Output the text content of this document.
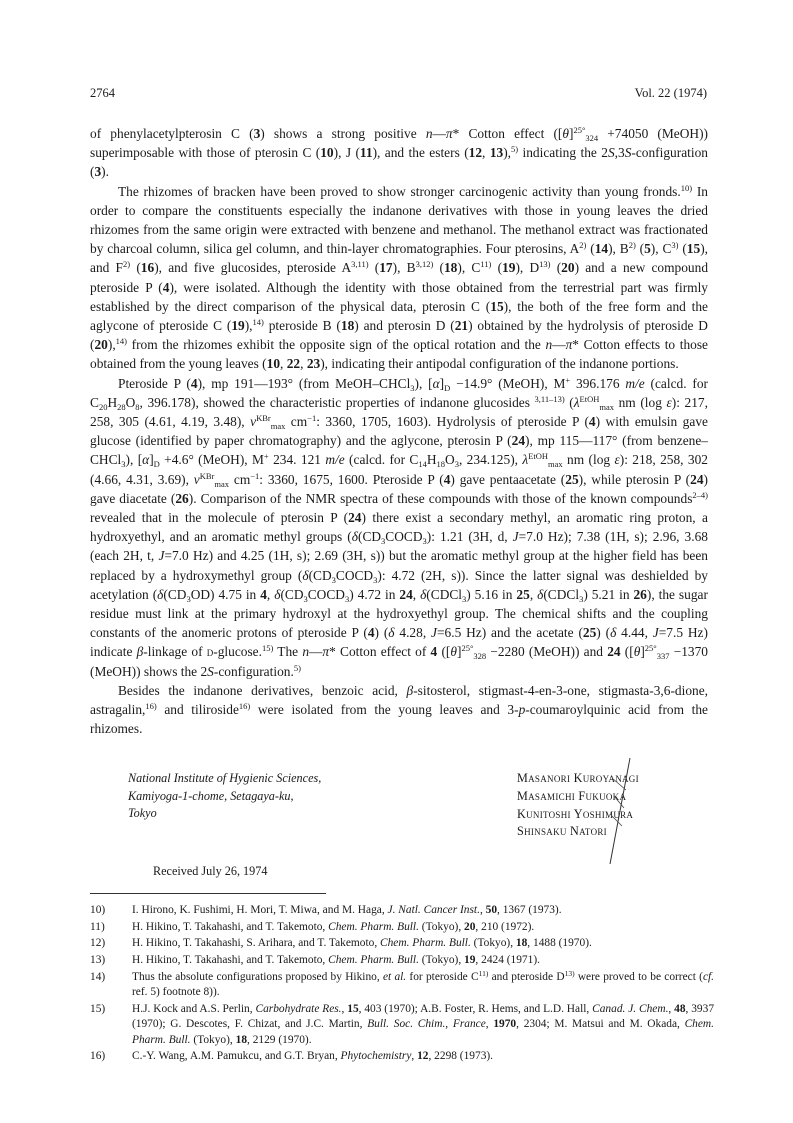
2764	Vol. 22 (1974)

of phenylacetylpterosin C (3) shows a strong positive n—π* Cotton effect ($[\theta]^{25^\circ}_{324} +74050$ (MeOH)) superimposable with those of pterosin C (10), J (11), and the esters (12, 13),$^{5)}$ indicating the 2S,3S-configuration (3).

The rhizomes of bracken have been proved to show stronger carcinogenic activity than young fronds.$^{10)}$ In order to compare the constituents especially the indanone derivatives with those in young leaves the dried rhizomes from the same origin were extracted with benzene and methanol. The methanol extract was fractionated by charcoal column, silica gel column, and thin-layer chromatographies. Four pterosins, $A^{2)}$ (14), $B^{2)}$ (5), $C^{3)}$ (15), and $F^{2)}$ (16), and five glucosides, pteroside A$^{3,11)}$ (17), B$^{3,12)}$ (18), $C^{11)}$ (19), $D^{13)}$ (20) and a new compound pteroside P (4), were isolated. Although the identity with those obtained from the terrestrial part was firmly established by the direct comparison of the physical data, pterosin C (15), the both of the free form and the aglycone of pteroside C (19),$^{14)}$ pteroside B (18) and pterosin D (21) obtained by the hydrolysis of pteroside D (20),$^{14)}$ from the rhizomes exhibit the opposite sign of the optical rotation and the n—π* Cotton effects to those obtained from the young leaves (10, 22, 23), indicating their antipodal configuration of the indanone portions.

Pteroside P (4), mp 191—193° (from MeOH–CHCl$_3$), $[\alpha]_D -14.9^\circ$ (MeOH), M+ 396.176 m/e (calcd. for $C_{20}H_{28}O_8$, 396.178), showed the characteristic properties of indanone glucosides $^{3,11-13)}$ ($\lambda^{EtOH}_{max}$ nm (log ε): 217, 258, 305 (4.61, 4.19, 3.48), $\nu^{KBr}_{max}$ $cm^{-1}$: 3360, 1705, 1603). Hydrolysis of pteroside P (4) with emulsin gave glucose (identified by paper chromatography) and the aglycone, pterosin P (24), mp 115—117° (from benzene–CHCl$_3$), $[\alpha]_D +4.6^\circ$ (MeOH), M+ 234. 121 m/e (calcd. for $C_{14}H_{18}O_3$, 234.125), $\lambda^{EtOH}_{max}$ nm (log ε): 218, 258, 302 (4.66, 4.31, 3.69), $\nu^{KBr}_{max}$ $cm^{-1}$: 3360, 1675, 1600. Pteroside P (4) gave pentaacetate (25), while pterosin P (24) gave diacetate (26). Comparison of the NMR spectra of these compounds with those of the known compounds$^{2-4)}$ revealed that in the molecule of pterosin P (24) there exist a secondary methyl, an aromatic ring proton, a hydroxyethyl, and an aromatic methyl groups ($\delta(CD_3COCD_3)$: 1.21 (3H, d, J=7.0 Hz); 7.38 (1H, s); 2.96, 3.68 (each 2H, t, J=7.0 Hz) and 4.25 (1H, s); 2.69 (3H, s)) but the aromatic methyl group at the higher field has been replaced by a hydroxymethyl group ($\delta(CD_3COCD_3)$: 4.72 (2H, s)). Since the latter signal was deshielded by acetylation ($\delta(CD_3OD)$ 4.75 in 4, $\delta(CD_3COCD_3)$ 4.72 in 24, δ(CDCl$_3$) 5.16 in 25, δ(CDCl$_3$) 5.21 in 26), the sugar residue must link at the primary hydroxyl at the hydroxyethyl group. The chemical shifts and the coupling constants of the anomeric protons of pteroside P (4) (δ 4.28, J=6.5 Hz) and the acetate (25) (δ 4.44, J=7.5 Hz) indicate β-linkage of d-glucose.$^{15)}$ The n—π* Cotton effect of 4 ($[\theta]^{25^\circ}_{328} -2280$ (MeOH)) and 24 ($[\theta]^{25^\circ}_{337} -1370$ (MeOH)) shows the 2S-configuration.$^{5)}$

Besides the indanone derivatives, benzoic acid, β-sitosterol, stigmast-4-en-3-one, stigmasta-3,6-dione, astragalin,$^{16)}$ and tiliroside$^{16)}$ were isolated from the young leaves and 3-p-coumaroylquinic acid from the rhizomes.

National Institute of Hygienic Sciences,
Kamiyoga-1-chome, Setagaya-ku,
Tokyo
Received July 26, 1974
Masanori Kuroyanagi
Masamichi Fukuoka
Kunitoshi Yoshimura
Shinsaku Natori
10) I. Hirono, K. Fushimi, H. Mori, T. Miwa, and M. Haga, J. Natl. Cancer Inst., 50, 1367 (1973).
11) H. Hikino, T. Takahashi, and T. Takemoto, Chem. Pharm. Bull. (Tokyo), 20, 210 (1972).
12) H. Hikino, T. Takahashi, S. Arihara, and T. Takemoto, Chem. Pharm. Bull. (Tokyo), 18, 1488 (1970).
13) H. Hikino, T. Takahashi, and T. Takemoto, Chem. Pharm. Bull. (Tokyo), 19, 2424 (1971).
14) Thus the absolute configurations proposed by Hikino, et al. for pteroside $C^{11)}$ and pteroside $D^{13)}$ were proved to be correct (cf. ref. 5) footnote 8)).
15) H.J. Kock and A.S. Perlin, Carbohydrate Res., 15, 403 (1970); A.B. Foster, R. Hems, and L.D. Hall, Canad. J. Chem., 48, 3937 (1970); G. Descotes, F. Chizat, and J.C. Martin, Bull. Soc. Chim., France, 1970, 2304; M. Matsui and M. Okada, Chem. Pharm. Bull. (Tokyo), 18, 2129 (1970).
16) C.-Y. Wang, A.M. Pamukcu, and G.T. Bryan, Phytochemistry, 12, 2298 (1973).
